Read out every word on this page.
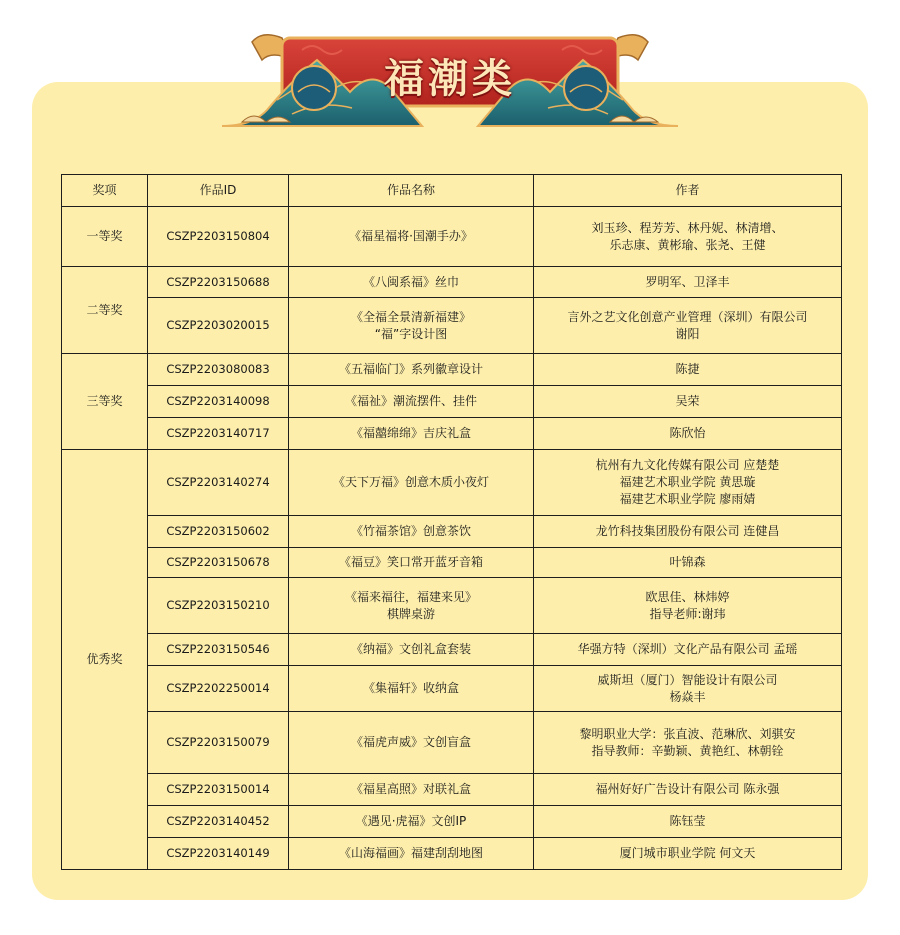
福潮类
奖项	作品ID	作品名称	作者
一等奖	CSZP2203150804	《福星福将·国潮手办》	刘玉珍、程芳芳、林丹妮、林清增、
乐志康、黄彬瑜、张尧、王健

二等奖	CSZP2203150688	《八闽系福》丝巾	罗明军、卫泽丰

	CSZP2203020015	《全福全景清新福建》
“福”字设计图	言外之艺文化创意产业管理（深圳）有限公司
谢阳

三等奖	CSZP2203080083	《五福临门》系列徽章设计	陈捷

	CSZP2203140098	《福祉》潮流摆件、挂件	吴荣

	CSZP2203140717	《福囍绵绵》吉庆礼盒	陈欣怡

优秀奖	CSZP2203140274	《天下万福》创意木质小夜灯	杭州有九文化传媒有限公司 应楚楚
福建艺术职业学院 黄思璇
福建艺术职业学院 廖雨婧

	CSZP2203150602	《竹福茶馆》创意茶饮	龙竹科技集团股份有限公司 连健昌

	CSZP2203150678	《福豆》笑口常开蓝牙音箱	叶锦森

	CSZP2203150210	《福来福往，福建来见》
棋牌桌游	欧思佳、林炜婷
指导老师:谢玮

	CSZP2203150546	《纳福》文创礼盒套装	华强方特（深圳）文化产品有限公司 孟瑶

	CSZP2202250014	《集福轩》收纳盒	威斯坦（厦门）智能设计有限公司
杨焱丰

	CSZP2203150079	《福虎声威》文创盲盒	黎明职业大学：张直波、范琳欣、刘骐安
指导教师：辛勤颖、黄艳红、林朝铨

	CSZP2203150014	《福星高照》对联礼盒	福州好好广告设计有限公司 陈永强

	CSZP2203140452	《遇见·虎福》文创IP	陈钰莹

	CSZP2203140149	《山海福画》福建刮刮地图	厦门城市职业学院 何文天
